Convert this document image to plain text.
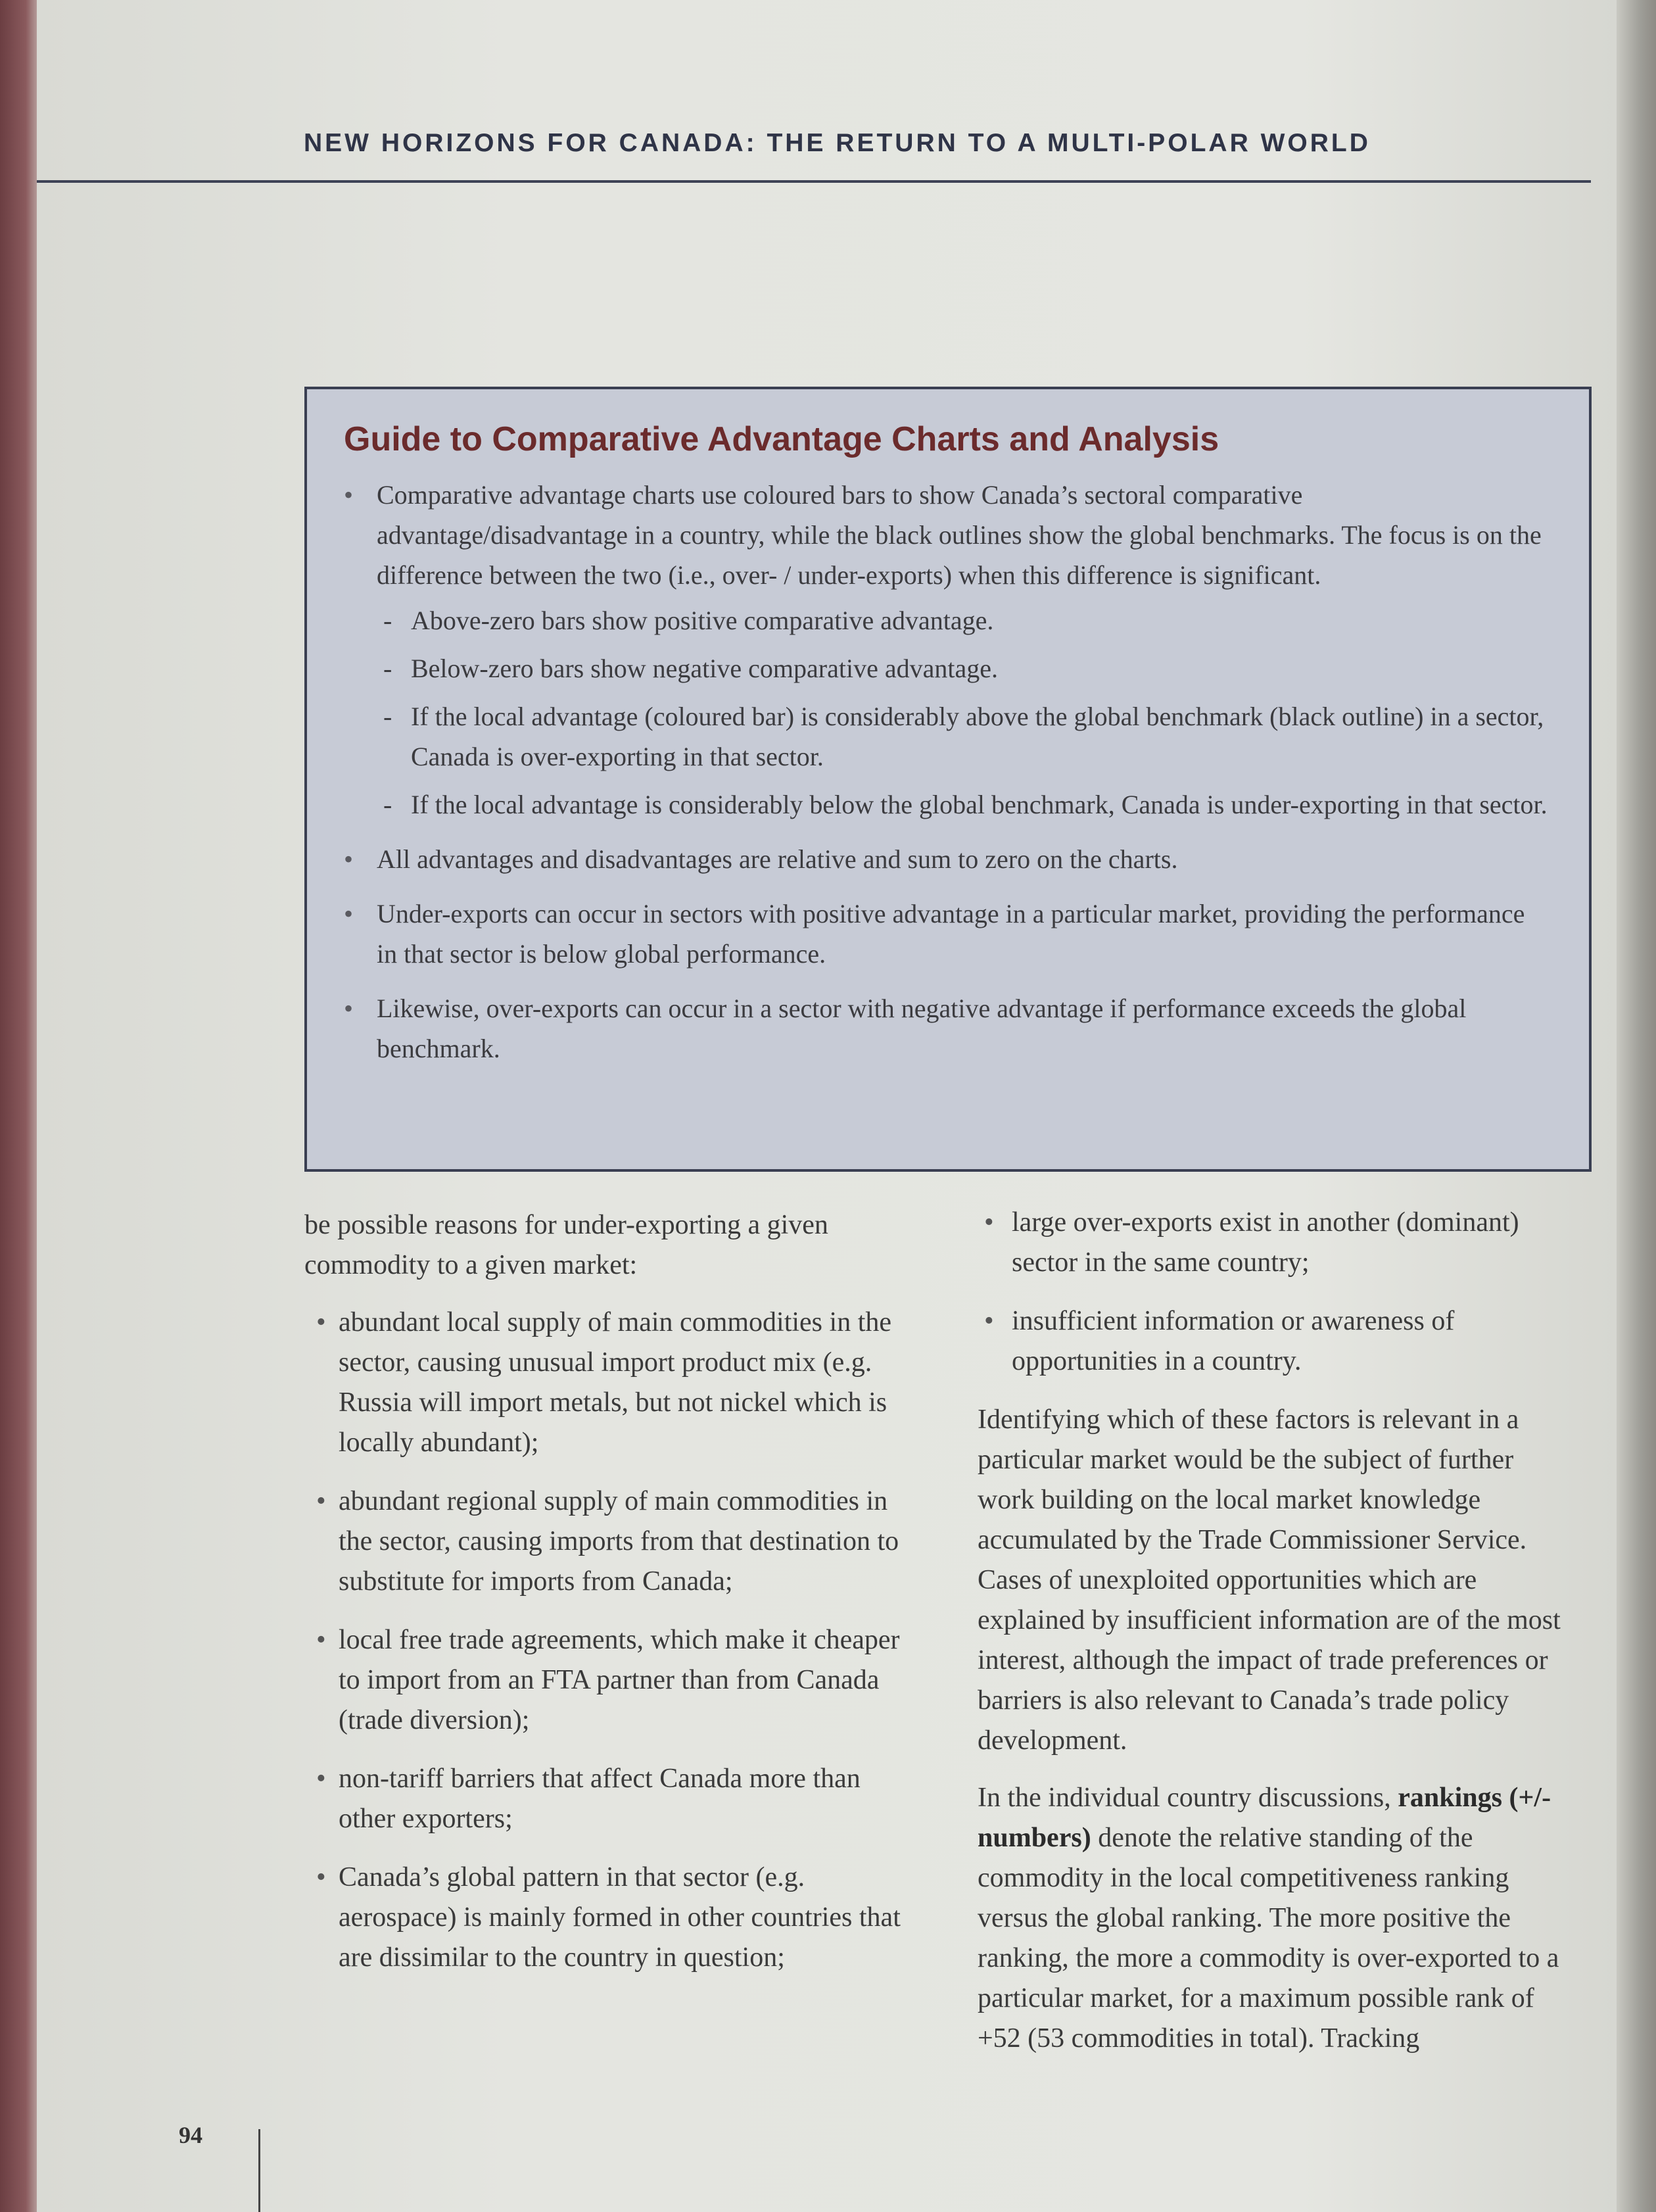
NEW HORIZONS FOR CANADA: THE RETURN TO A MULTI-POLAR WORLD
Guide to Comparative Advantage Charts and Analysis
• Comparative advantage charts use coloured bars to show Canada’s sectoral comparative advantage/disadvantage in a country, while the black outlines show the global benchmarks. The focus is on the difference between the two (i.e., over- / under-exports) when this difference is significant.
- Above-zero bars show positive comparative advantage.
- Below-zero bars show negative comparative advantage.
- If the local advantage (coloured bar) is considerably above the global benchmark (black outline) in a sector, Canada is over-exporting in that sector.
- If the local advantage is considerably below the global benchmark, Canada is under-exporting in that sector.
• All advantages and disadvantages are relative and sum to zero on the charts.
• Under-exports can occur in sectors with positive advantage in a particular market, providing the performance in that sector is below global performance.
• Likewise, over-exports can occur in a sector with negative advantage if performance exceeds the global benchmark.

be possible reasons for under-exporting a given commodity to a given market:

• abundant local supply of main commodities in the sector, causing unusual import product mix (e.g. Russia will import metals, but not nickel which is locally abundant);
• abundant regional supply of main commodities in the sector, causing imports from that destination to substitute for imports from Canada;
• local free trade agreements, which make it cheaper to import from an FTA partner than from Canada (trade diversion);
• non-tariff barriers that affect Canada more than other exporters;
• Canada’s global pattern in that sector (e.g. aerospace) is mainly formed in other countries that are dissimilar to the country in question;
• large over-exports exist in another (dominant) sector in the same country;
• insufficient information or awareness of opportunities in a country.

Identifying which of these factors is relevant in a particular market would be the subject of further work building on the local market knowledge accumulated by the Trade Commissioner Service. Cases of unexploited opportunities which are explained by insufficient information are of the most interest, although the impact of trade preferences or barriers is also relevant to Canada’s trade policy development.

In the individual country discussions, rankings (+/- numbers) denote the relative standing of the commodity in the local competitiveness ranking versus the global ranking. The more positive the ranking, the more a commodity is over-exported to a particular market, for a maximum possible rank of +52 (53 commodities in total). Tracking

94
